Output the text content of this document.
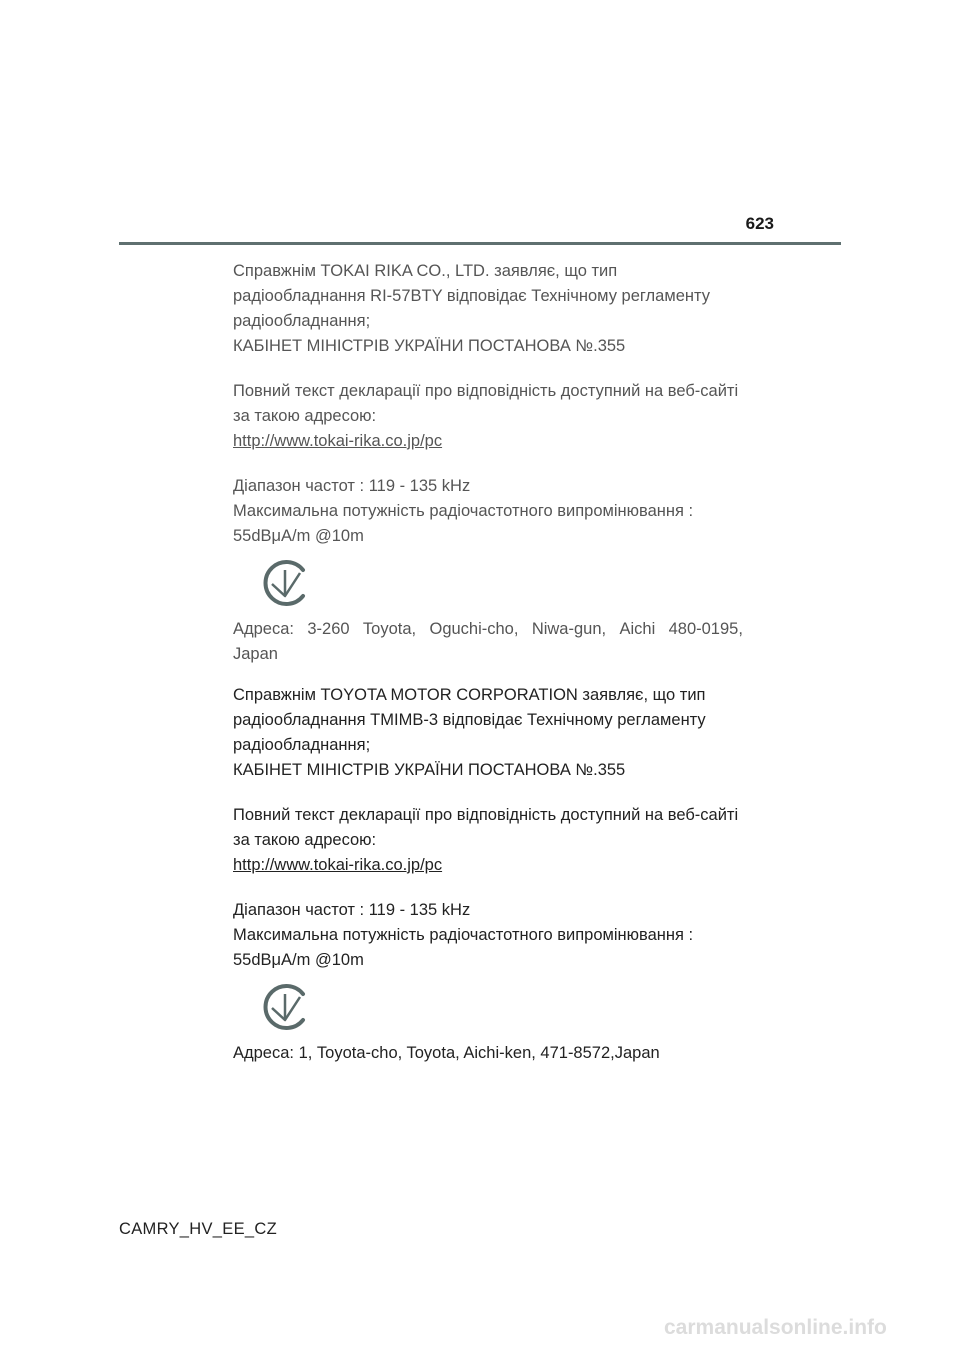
623
Справжнім TOKAI RIKA CO., LTD. заявляє, що тип
радіообладнання RI-57BTY відповідає Технічному регламенту
радіообладнання;
КАБІНЕТ МІНІСТРІВ УКРАЇНИ ПОСТАНОВА №.355
Повний текст декларації про відповідність доступний на веб-сайті
за такою адресою:
http://www.tokai-rika.co.jp/pc
Діапазон частот : 119 - 135 kHz
Максимальна потужність радіочастотного випромінювання :
55dBμA/m @10m
Адреса: 3-260 Toyota, Oguchi-cho, Niwa-gun, Aichi 480-0195,
Japan
Справжнім TOYOTA MOTOR CORPORATION заявляє, що тип
радіообладнання TMIMB-3 відповідає Технічному регламенту
радіообладнання;
КАБІНЕТ МІНІСТРІВ УКРАЇНИ ПОСТАНОВА №.355
Повний текст декларації про відповідність доступний на веб-сайті
за такою адресою:
http://www.tokai-rika.co.jp/pc
Діапазон частот : 119 - 135 kHz
Максимальна потужність радіочастотного випромінювання :
55dBμA/m @10m
Адреса: 1, Toyota-cho, Toyota, Aichi-ken, 471-8572,Japan
CAMRY_HV_EE_CZ
carmanualsonline.info
